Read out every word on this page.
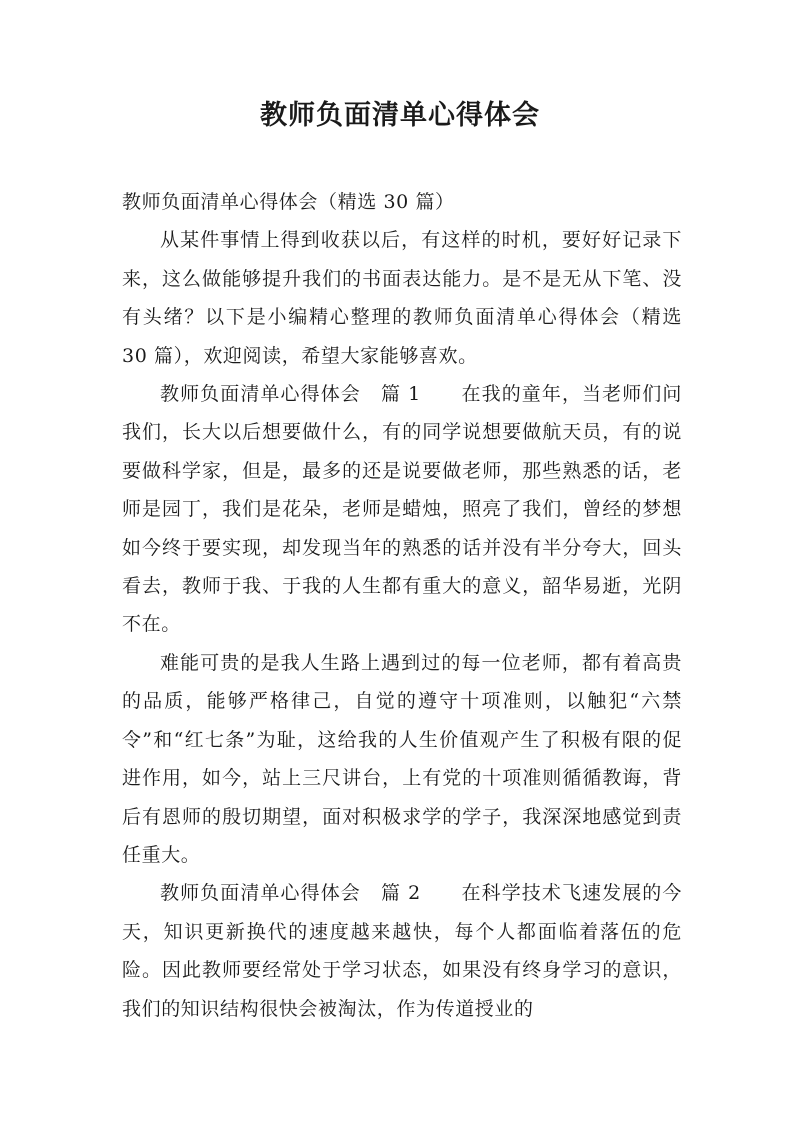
教师负面清单心得体会

教师负面清单心得体会（精选 30 篇）

从某件事情上得到收获以后，有这样的时机，要好好记录下来，这么做能够提升我们的书面表达能力。是不是无从下笔、没有头绪？以下是小编精心整理的教师负面清单心得体会（精选 30 篇），欢迎阅读，希望大家能够喜欢。

教师负面清单心得体会　篇 1　　在我的童年，当老师们问我们，长大以后想要做什么，有的同学说想要做航天员，有的说要做科学家，但是，最多的还是说要做老师，那些熟悉的话，老师是园丁，我们是花朵，老师是蜡烛，照亮了我们，曾经的梦想如今终于要实现，却发现当年的熟悉的话并没有半分夸大，回头看去，教师于我、于我的人生都有重大的意义，韶华易逝，光阴不在。

难能可贵的是我人生路上遇到过的每一位老师，都有着高贵的品质，能够严格律己，自觉的遵守十项准则，以触犯“六禁令”和“红七条”为耻，这给我的人生价值观产生了积极有限的促进作用，如今，站上三尺讲台，上有党的十项准则循循教诲，背后有恩师的殷切期望，面对积极求学的学子，我深深地感觉到责任重大。

教师负面清单心得体会　篇 2　　在科学技术飞速发展的今天，知识更新换代的速度越来越快，每个人都面临着落伍的危险。因此教师要经常处于学习状态，如果没有终身学习的意识，我们的知识结构很快会被淘汰，作为传道授业的
